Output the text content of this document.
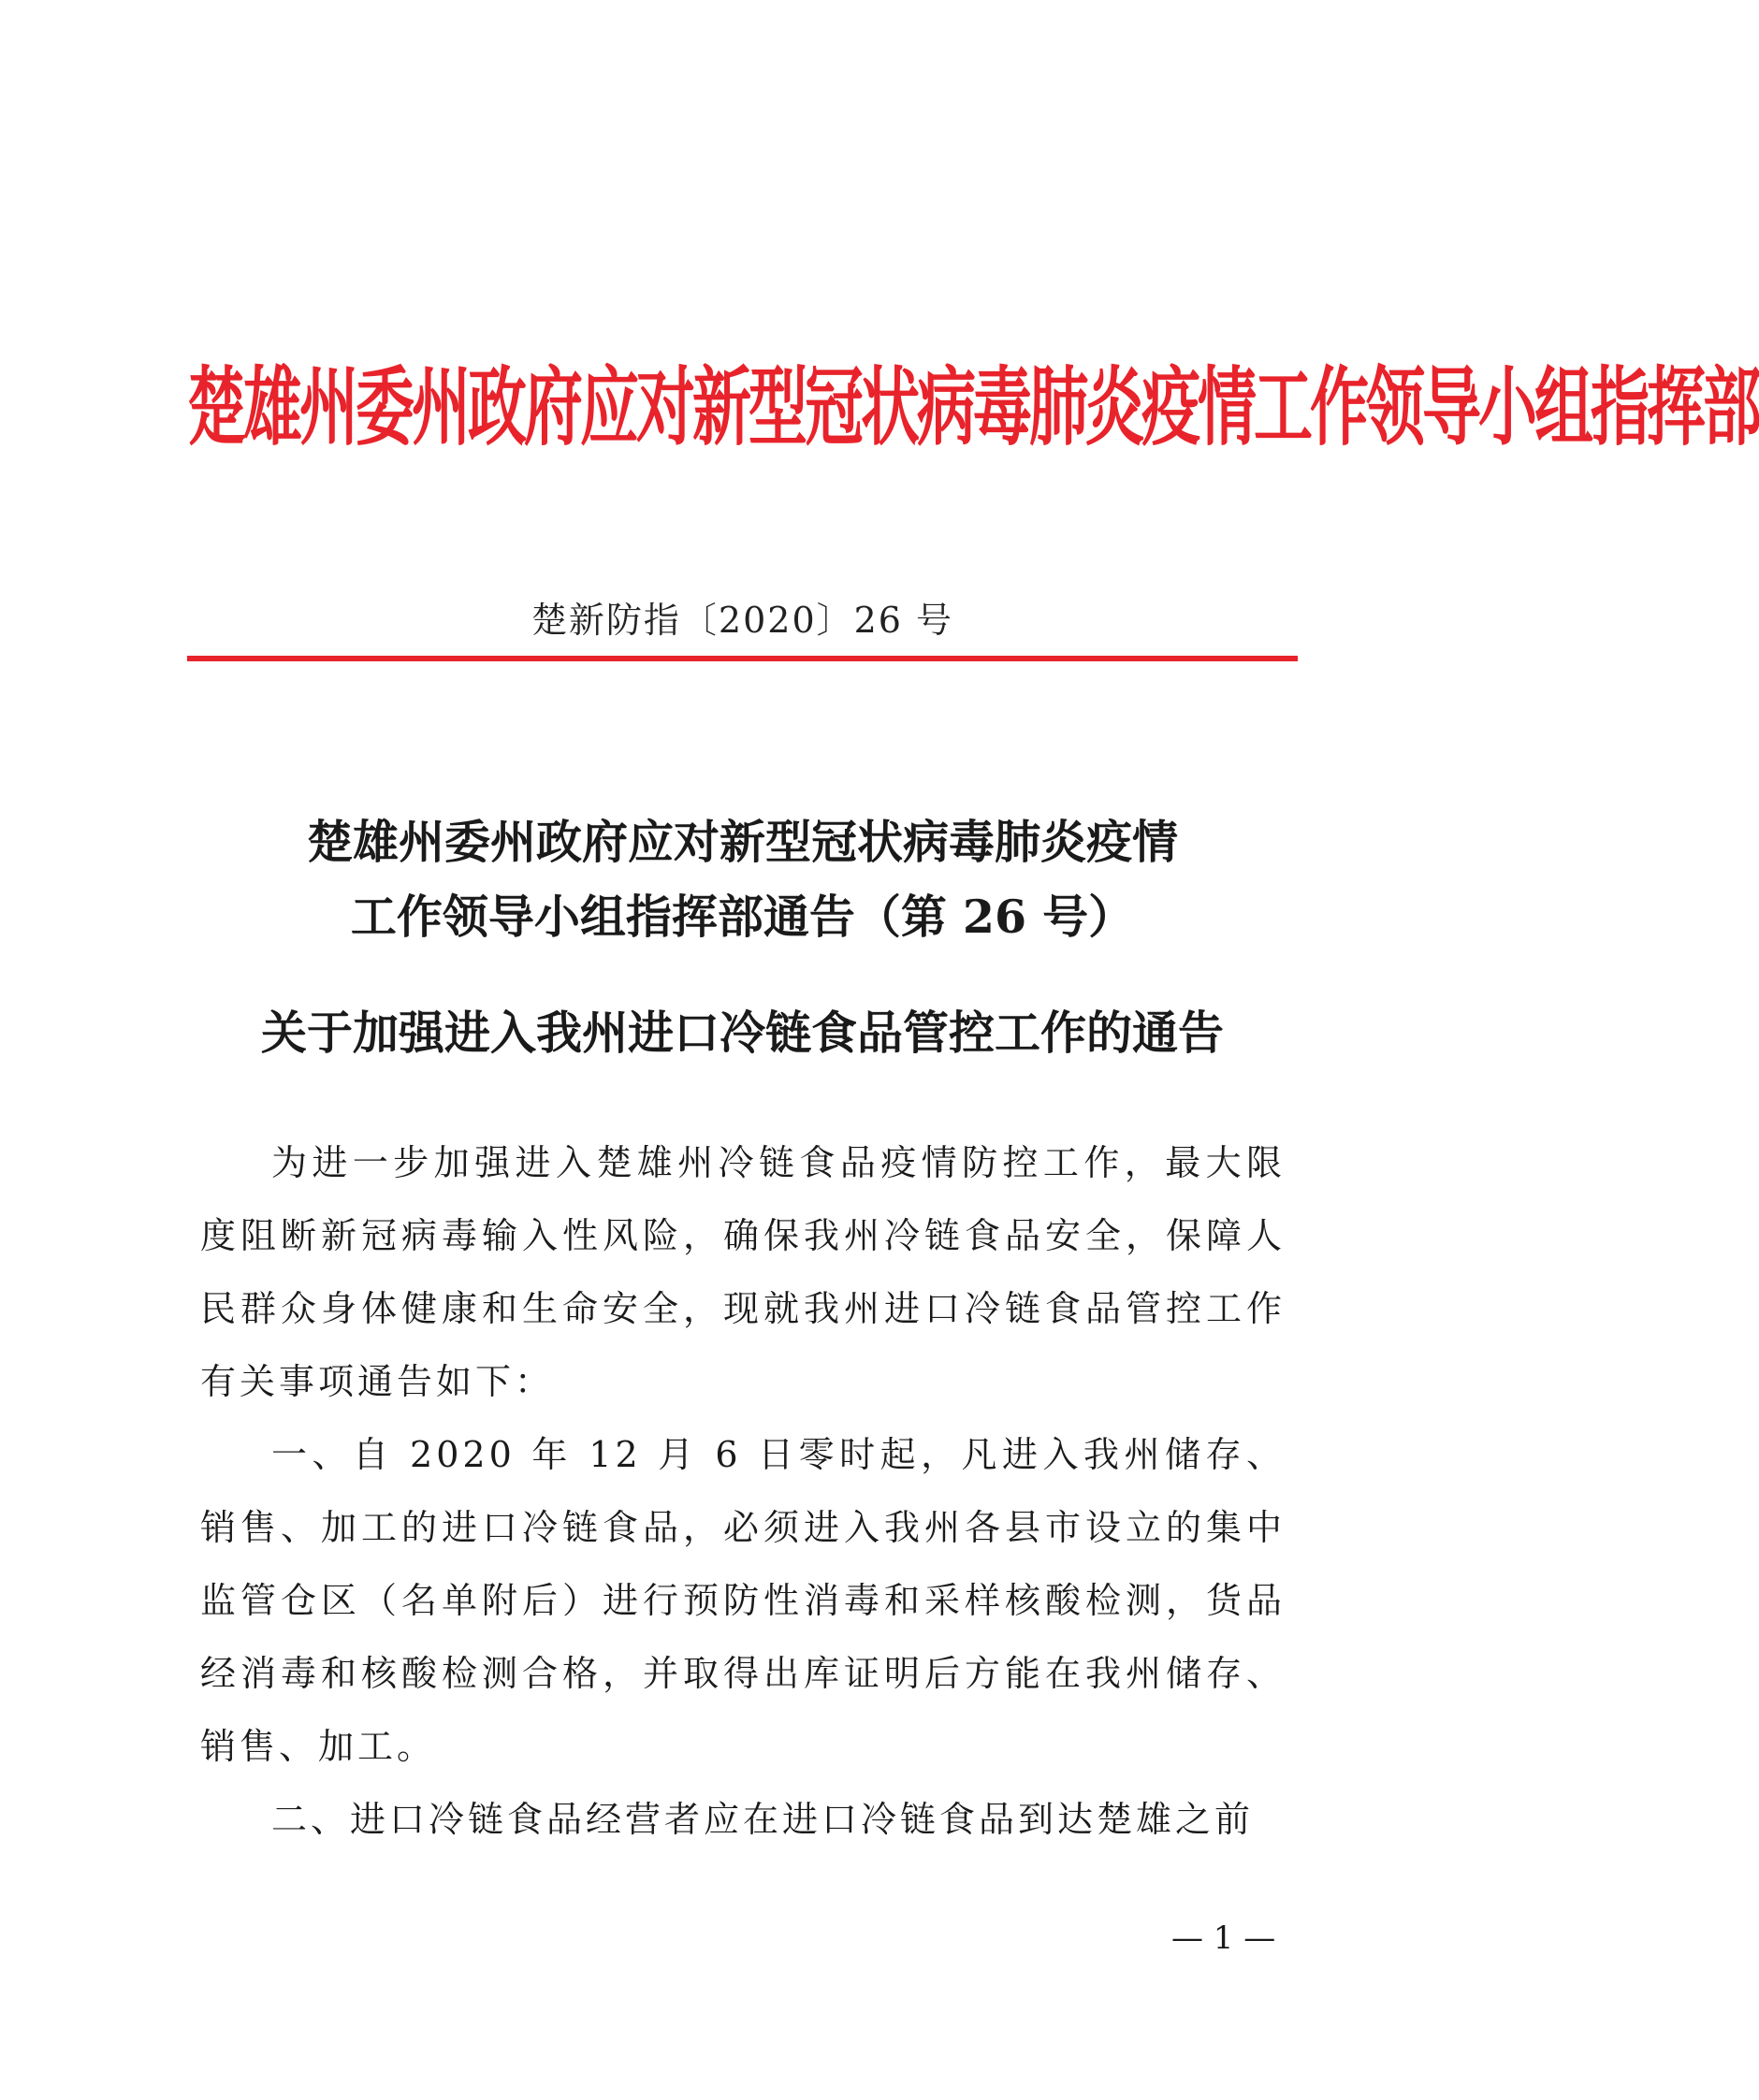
楚雄州委州政府应对新型冠状病毒肺炎疫情工作领导小组指挥部
楚新防指〔2020〕26 号
楚雄州委州政府应对新型冠状病毒肺炎疫情
工作领导小组指挥部通告（第 26 号）
关于加强进入我州进口冷链食品管控工作的通告

为进一步加强进入楚雄州冷链食品疫情防控工作，最大限度阻断新冠病毒输入性风险，确保我州冷链食品安全，保障人民群众身体健康和生命安全，现就我州进口冷链食品管控工作有关事项通告如下：

一、自 2020 年 12 月 6 日零时起，凡进入我州储存、销售、加工的进口冷链食品，必须进入我州各县市设立的集中监管仓区（名单附后）进行预防性消毒和采样核酸检测，货品经消毒和核酸检测合格，并取得出库证明后方能在我州储存、销售、加工。

二、进口冷链食品经营者应在进口冷链食品到达楚雄之前

— 1 —
